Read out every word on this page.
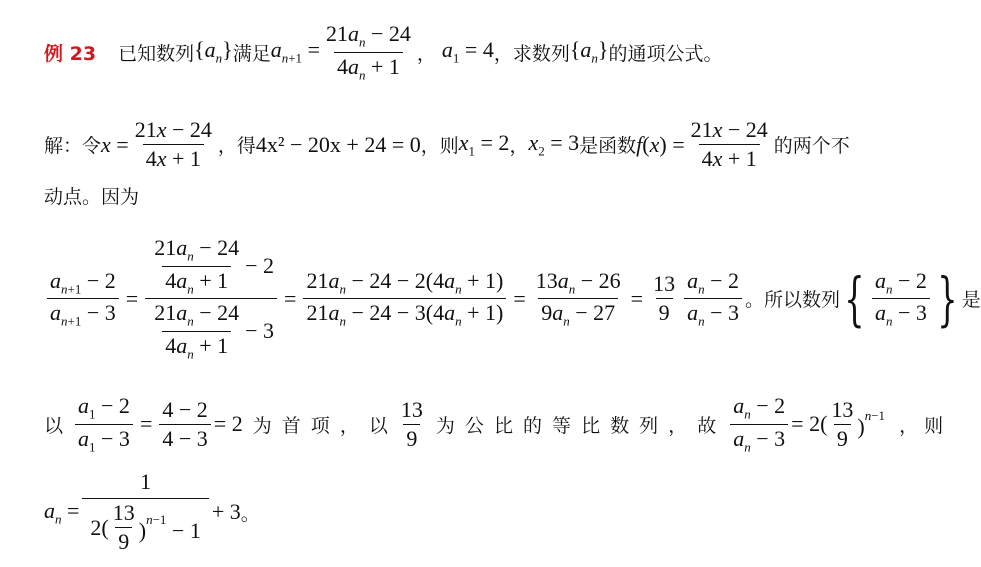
例 23 已知数列 $\{a_n\}$ 满足 $a_{n+1} = \frac{21a_n - 24}{4a_n + 1}$ ， $a_1 = 4$ ，求数列 $\{a_n\}$ 的通项公式。
解：令 $x = \frac{21x - 24}{4x + 1}$ ，得 4x² − 20x + 24 = 0 ，则 $x_1 = 2$ ， $x_2 = 3$ 是函数 $f(x) = \frac{21x - 24}{4x + 1}$ 的两个不
动点。因为
$\frac{a_{n+1} - 2}{a_{n+1} - 3} = \frac{\frac{21a_n - 24}{4a_n + 1} - 2}{\frac{21a_n - 24}{4a_n + 1} - 3} = \frac{21a_n - 24 - 2(4a_n + 1)}{21a_n - 24 - 3(4a_n + 1)} = \frac{13a_n - 26}{9a_n - 27} = \frac{13}{9} \frac{a_n - 2}{a_n - 3}$ 。所以数列 { $\frac{a_n - 2}{a_n - 3}$ } 是
以 $\frac{a_1 - 2}{a_1 - 3} = \frac{4 - 2}{4 - 3} = 2$ 为 首 项 ， 以 $\frac{13}{9}$ 为 公 比 的 等 比 数 列 ， 故 $\frac{a_n - 2}{a_n - 3} = 2( \frac{13}{9} )^{n-1}$ ， 则
$a_n = \frac{1}{2( \frac{13}{9} )^{n-1} - 1} + 3$ 。
